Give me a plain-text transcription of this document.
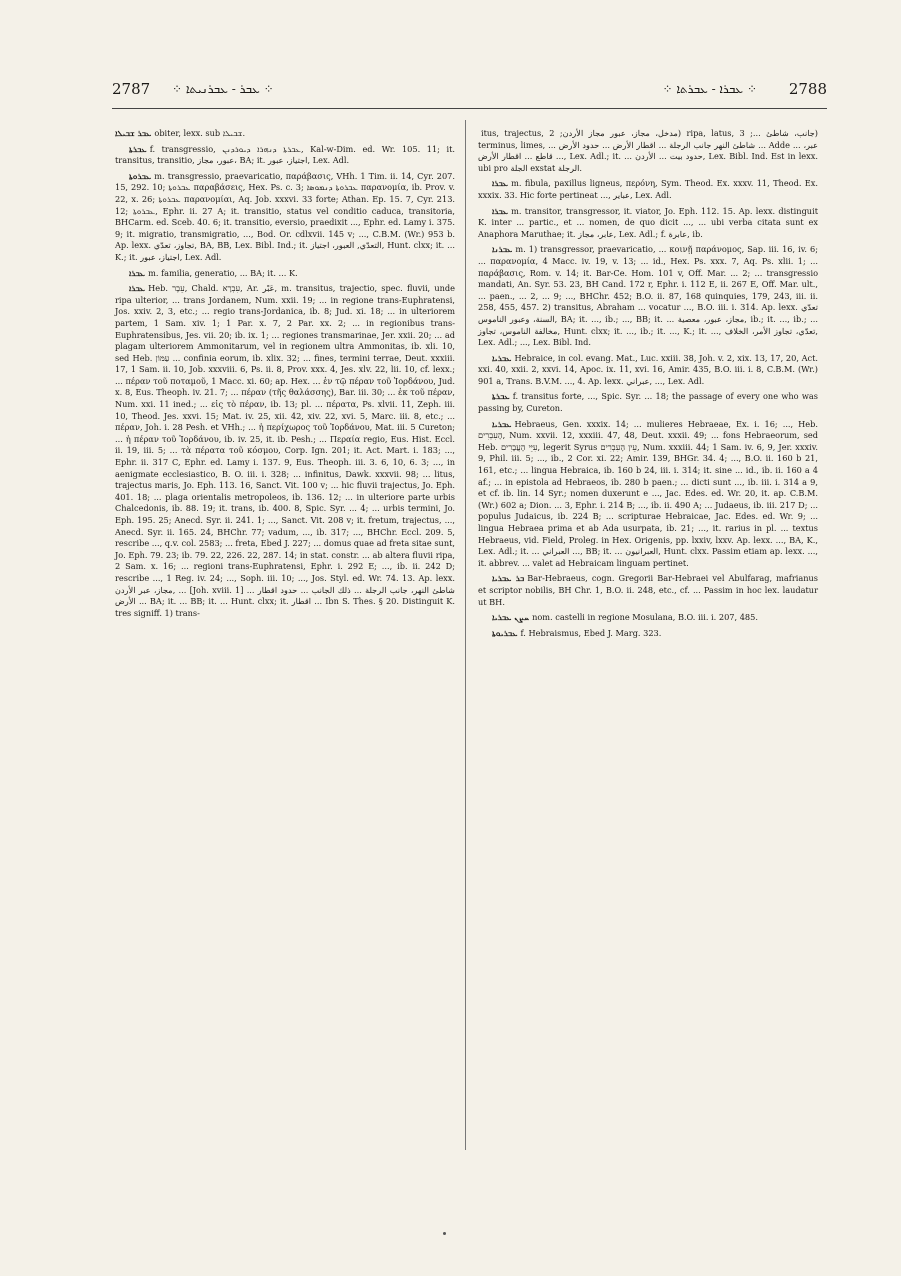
2787 ⁘ ܥܒܪ - ܥܒܪܢܝܬܐ ⁘	⁘ ܥܒܪܐ - ܥܒܪܬܐ ⁘ 2788

ܥܒܪ ܫܒܝܠܐ obiter, lexx. sub ܫܒܝܠܐ.

ܥܒܪܬܐ f. transgressio, ܥܒܪܬܐ ܕܢܗܪܐ ܕܝܘܪܕܢܢ, Kal-w-Dim. ed. Wr. 105. 11; it. transitus, transitio, عبور، مجاز، BA; it. اجتياز، عبور, Lex. Adl.

ܥܒܪܘܬܐ m. transgressio, praevaricatio, παράβασις, VHh. 1 Tim. ii. 14, Cyr. 207. 15, 292. 10; ܥܒܪܘܬܐ παραβάσεις, Hex. Ps. c. 3; ܥܒܪܘܬܐ ܕܢܡܘܣܐ παρανομία, ib. Prov. v. 22, x. 26; ܥܒܪܘܬܐ παρανομίαι, Aq. Job. xxxvi. 33 forte; Athan. Ep. 15. 7, Cyr. 213. 12; ܥܒܪܘܬܐ, Ephr. ii. 27 A; it. transitio, status vel conditio caduca, transitoria, BHCarm. ed. Sceb. 40. 6; it. transitio, eversio, praedixit ..., Ephr. ed. Lamy i. 375. 9; it. migratio, transmigratio, ..., Bod. Or. cdlxvii. 145 v; ..., C.B.M. (Wr.) 953 b. Ap. lexx. تجاوز، تعدّي, BA, BB, Lex. Bibl. Ind.; it. التعدّي, العبور، اجتياز, Hunt. clxx; it. ... K.; it. اجتياز، عبور, Lex. Adl.

ܥܒܪܐ m. familia, generatio, ... BA; it. ... K.

ܥܒܪܐ Heb. עֵבֶר, Chald. עִבְרָא, Ar. عَبْر, m. transitus, trajectio, spec. fluvii, unde ripa ulterior, ... trans Jordanem, Num. xxii. 19; ... in regione trans-Euphratensi, Jos. xxiv. 2, 3, etc.; ... regio trans-Jordanica, ib. 8; Jud. xi. 18; ... in ulteriorem partem, 1 Sam. xiv. 1; 1 Par. x. 7, 2 Par. xx. 2; ... in regionibus trans-Euphratensibus, Jes. vii. 20; ib. ix. 1; ... regiones transmarinae, Jer. xxii. 20; ... ad plagam ulteriorem Ammonitarum, vel in regionem ultra Ammonitas, ib. xli. 10, sed Heb. עַמּוֹן ... confinia eorum, ib. xlix. 32; ... fines, termini terrae, Deut. xxxiii. 17, 1 Sam. ii. 10, Job. xxxviii. 6, Ps. ii. 8, Prov. xxx. 4, Jes. xlv. 22, lii. 10, cf. lexx.; ... πέραν τοῦ ποταμοῦ, 1 Macc. xi. 60; ap. Hex. ... ἐν τῷ πέραν τοῦ Ἰορδάνου, Jud. x. 8, Eus. Theoph. iv. 21. 7; ... πέραν (τῆς θαλάσσης), Bar. iii. 30; ... ἐκ τοῦ πέραν, Num. xxi. 11 ined.; ... εἰς τὸ πέραν, ib. 13; pl. ... πέρατα, Ps. xlvii. 11, Zeph. iii. 10, Theod. Jes. xxvi. 15; Mat. iv. 25, xii. 42, xiv. 22, xvi. 5, Marc. iii. 8, etc.; ... πέραν, Joh. i. 28 Pesh. et VHh.; ... ἡ περίχωρος τοῦ Ἰορδάνου, Mat. iii. 5 Cureton; ... ἡ πέραν τοῦ Ἰορδάνου, ib. iv. 25, it. ib. Pesh.; ... Περαία regio, Eus. Hist. Eccl. ii. 19, iii. 5; ... τὰ πέρατα τοῦ κόσμου, Corp. Ign. 201; it. Act. Mart. i. 183; ..., Ephr. ii. 317 C, Ephr. ed. Lamy i. 137. 9, Eus. Theoph. iii. 3. 6, 10, 6. 3; ..., in aenigmate ecclesiastico, B. O. iii. i. 328; ... infinitus, Dawk. xxxvii. 98; ... litus, trajectus maris, Jo. Eph. 113. 16, Sanct. Vit. 100 v; ... hic fluvii trajectus, Jo. Eph. 401. 18; ... plaga orientalis metropoleos, ib. 136. 12; ... in ulteriore parte urbis Chalcedonis, ib. 88. 19; it. trans, ib. 400. 8, Spic. Syr. ... 4; ... urbis termini, Jo. Eph. 195. 25; Anecd. Syr. ii. 241. 1; ..., Sanct. Vit. 208 v; it. fretum, trajectus, ..., Anecd. Syr. ii. 165. 24, BHChr. 77; vadum, ..., ib. 317; ..., BHChr. Eccl. 209. 5, rescribe ..., q.v. col. 2583; ... freta, Ebed J. 227; ... domus quae ad freta sitae sunt, Jo. Eph. 79. 23; ib. 79. 22, 226. 22, 287. 14; in stat. constr. ... ab altera fluvii ripa, 2 Sam. x. 16; ... regioni trans-Euphratensi, Ephr. i. 292 E; ..., ib. ii. 242 D; rescribe ..., 1 Reg. iv. 24; ..., Soph. iii. 10; ..., Jos. Styl. ed. Wr. 74. 13. Ap. lexx. مجاز، عبر الأردن, ... [Joh. xviii. 1] ... شاطئ النهر، جانب الرجلة ... ذلك الجانب ... حدود اقطار الأرض ... BA; it. ... BB; it. ... Hunt. clxx; it. اقطار ... Ibn S. Thes. § 20. Distinguit K. tres signiff. 1) trans-

itus, trajectus, مدخل، مجاز، عبور مجاز الأردن; 2) ripa, latus, جانب، شاطئ ...; 3) terminus, limes, ... شاطئ النهر جانب الرجلة ... اقطار الأرض ... حدود الأرض ... Adde ... عبر، قاطع ... اقطار الأرض ..., Lex. Adl.; it. ... حدود بيت ... الأردن, Lex. Bibl. Ind. Est in lexx. ubi pro الجلة exstat الرجلة.

ܥܒܪܐ m. fibula, paxillus ligneus, περόνη, Sym. Theod. Ex. xxxv. 11, Theod. Ex. xxxix. 33. Hic forte pertineat ..., عباير, Lex. Adl.

ܥܒܪܐ m. transitor, transgressor, it. viator, Jo. Eph. 112. 15. Ap. lexx. distinguit K. inter ... partic., et ... nomen, de quo dicit ..., ... ubi verba citata sunt ex Anaphora Maruthae; it. عابر، مجاز, Lex. Adl.; f. عابرة, ib.

ܥܒܪܢܐ m. 1) transgressor, praevaricatio, ... κοινῇ παράνομος, Sap. iii. 16, iv. 6; ... παρανομία, 4 Macc. iv. 19, v. 13; ... id., Hex. Ps. xxx. 7, Aq. Ps. xlii. 1; ... παράβασις, Rom. v. 14; it. Bar-Ce. Hom. 101 v, Off. Mar. ... 2; ... transgressio mandati, An. Syr. 53. 23, BH Cand. 172 r, Ephr. i. 112 E, ii. 267 E, Off. Mar. ult., ... paen., ... 2, ... 9; ..., BHChr. 452; B.O. ii. 87, 168 quinquies, 179, 243, iii. ii. 258, 455, 457. 2) transitus, Abraham ... vocatur ..., B.O. iii. i. 314. Ap. lexx. تعدّي السنة، وعبور الناموس, BA; it. ..., ib.; ..., BB; it. ... مجاز، عبور، معصية, ib.; it. ..., ib.; ... مخالفة الناموس، تجاوز, Hunt. clxx; it. ..., ib.; it. ..., K.; it. ..., تعدّي، تجاوز الأمر، الخلاف, Lex. Adl.; ..., Lex. Bibl. Ind.

ܥܒܪܝܐ Hebraice, in col. evang. Mat., Luc. xxiii. 38, Joh. v. 2, xix. 13, 17, 20, Act. xxi. 40, xxii. 2, xxvi. 14, Apoc. ix. 11, xvi. 16, Amir. 435, B.O. iii. i. 8, C.B.M. (Wr.) 901 a, Trans. B.V.M. ..., 4. Ap. lexx. عبراني, ..., Lex. Adl.

ܥܒܪܬܐ f. transitus forte, ..., Spic. Syr. ... 18; the passage of every one who was passing by, Cureton.

ܥܒܪܝܐ Hebraeus, Gen. xxxix. 14; ... mulieres Hebraeae, Ex. i. 16; ..., Heb. הָעִבְרִים, Num. xxvii. 12, xxxiii. 47, 48, Deut. xxxii. 49; ... fons Hebraeorum, sed Heb. עִיֵּי הָעֲבָרִים, legerit Syrus עֵין הָעִבְרִים, Num. xxxiii. 44; 1 Sam. iv. 6, 9, Jer. xxxiv. 9, Phil. iii. 5; ..., ib., 2 Cor. xi. 22; Amir. 139, BHGr. 34. 4; ..., B.O. ii. 160 b 21, 161, etc.; ... lingua Hebraica, ib. 160 b 24, iii. i. 314; it. sine ... id., ib. ii. 160 a 4 af.; ... in epistola ad Hebraeos, ib. 280 b paen.; ... dicti sunt ..., ib. iii. i. 314 a 9, et cf. ib. lin. 14 Syr.; nomen duxerunt e ..., Jac. Edes. ed. Wr. 20, it. ap. C.B.M. (Wr.) 602 a; Dion. ... 3, Ephr. i. 214 B; ..., ib. ii. 490 A; ... Judaeus, ib. iii. 217 D; ... populus Judaicus, ib. 224 B; ... scripturae Hebraicae, Jac. Edes. ed. Wr. 9; ... lingua Hebraea prima et ab Ada usurpata, ib. 21; ..., it. rarius in pl. ... textus Hebraeus, vid. Field, Proleg. in Hex. Origenis, pp. lxxiv, lxxv. Ap. lexx. ..., BA, K., Lex. Adl.; it. ... العبراني ..., BB; it. ... العبرانيون, Hunt. clxx. Passim etiam ap. lexx. ..., it. abbrev. ... valet ad Hebraicam linguam pertinet.

ܒܪ ܥܒܪܝܐ Bar-Hebraeus, cogn. Gregorii Bar-Hebraei vel Abulfarag, mafrianus et scriptor nobilis, BH Chr. 1, B.O. ii. 248, etc., cf. ... Passim in hoc lex. laudatur ut BH.

ܚܨܢ ܥܒܪܝܐ nom. castelli in regione Mosulana, B.O. iii. i. 207, 485.

ܥܒܪܝܘܬܐ f. Hebraismus, Ebed J. Marg. 323.
